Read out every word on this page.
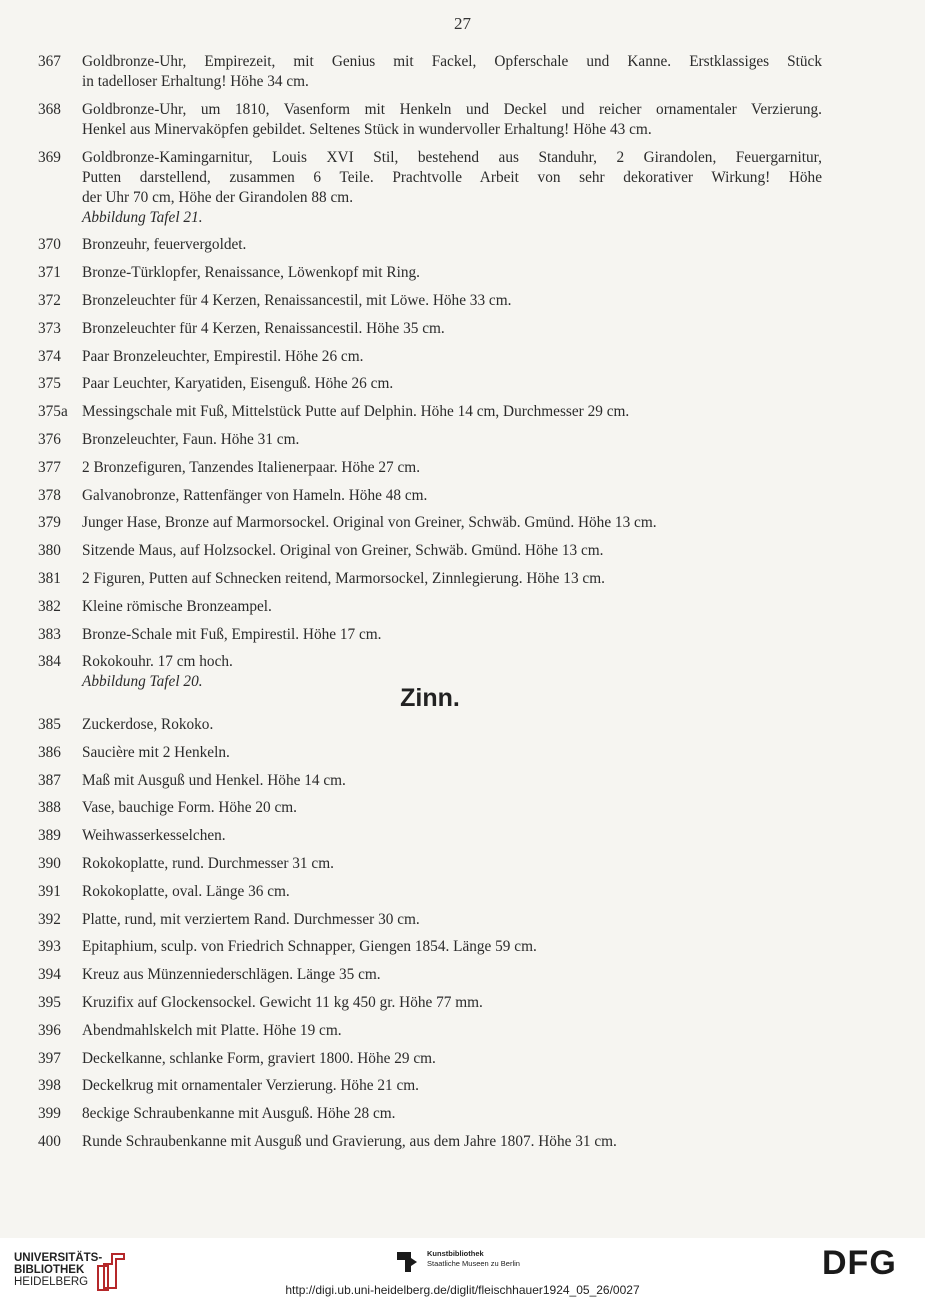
27
367 Goldbronze-Uhr, Empirezeit, mit Genius mit Fackel, Opferschale und Kanne. Erstklassiges Stück
in tadelloser Erhaltung! Höhe 34 cm.
368 Goldbronze-Uhr, um 1810, Vasenform mit Henkeln und Deckel und reicher ornamentaler Verzierung.
Henkel aus Minervaköpfen gebildet. Seltenes Stück in wundervoller Erhaltung! Höhe 43 cm.
369 Goldbronze-Kamingarnitur, Louis XVI Stil, bestehend aus Standuhr, 2 Girandolen, Feuergarnitur,
Putten darstellend, zusammen 6 Teile. Prachtvolle Arbeit von sehr dekorativer Wirkung! Höhe
der Uhr 70 cm, Höhe der Girandolen 88 cm.
Abbildung Tafel 21.
370 Bronzeuhr, feuervergoldet.
371 Bronze-Türklopfer, Renaissance, Löwenkopf mit Ring.
372 Bronzeleuchter für 4 Kerzen, Renaissancestil, mit Löwe. Höhe 33 cm.
373 Bronzeleuchter für 4 Kerzen, Renaissancestil. Höhe 35 cm.
374 Paar Bronzeleuchter, Empirestil. Höhe 26 cm.
375 Paar Leuchter, Karyatiden, Eisenguß. Höhe 26 cm.
375a Messingschale mit Fuß, Mittelstück Putte auf Delphin. Höhe 14 cm, Durchmesser 29 cm.
376 Bronzeleuchter, Faun. Höhe 31 cm.
377 2 Bronzefiguren, Tanzendes Italienerpaar. Höhe 27 cm.
378 Galvanobronze, Rattenfänger von Hameln. Höhe 48 cm.
379 Junger Hase, Bronze auf Marmorsockel. Original von Greiner, Schwäb. Gmünd. Höhe 13 cm.
380 Sitzende Maus, auf Holzsockel. Original von Greiner, Schwäb. Gmünd. Höhe 13 cm.
381 2 Figuren, Putten auf Schnecken reitend, Marmorsockel, Zinnlegierung. Höhe 13 cm.
382 Kleine römische Bronzeampel.
383 Bronze-Schale mit Fuß, Empirestil. Höhe 17 cm.
384 Rokokouhr. 17 cm hoch.
Abbildung Tafel 20.
Zinn.
385 Zuckerdose, Rokoko.
386 Saucière mit 2 Henkeln.
387 Maß mit Ausguß und Henkel. Höhe 14 cm.
388 Vase, bauchige Form. Höhe 20 cm.
389 Weihwasserkesselchen.
390 Rokokoplatte, rund. Durchmesser 31 cm.
391 Rokokoplatte, oval. Länge 36 cm.
392 Platte, rund, mit verziertem Rand. Durchmesser 30 cm.
393 Epitaphium, sculp. von Friedrich Schnapper, Giengen 1854. Länge 59 cm.
394 Kreuz aus Münzenniederschlägen. Länge 35 cm.
395 Kruzifix auf Glockensockel. Gewicht 11 kg 450 gr. Höhe 77 mm.
396 Abendmahlskelch mit Platte. Höhe 19 cm.
397 Deckelkanne, schlanke Form, graviert 1800. Höhe 29 cm.
398 Deckelkrug mit ornamentaler Verzierung. Höhe 21 cm.
399 8eckige Schraubenkanne mit Ausguß. Höhe 28 cm.
400 Runde Schraubenkanne mit Ausguß und Gravierung, aus dem Jahre 1807. Höhe 31 cm.
UNIVERSITÄTS-
BIBLIOTHEK
HEIDELBERG
Kunstbibliothek
Staatliche Museen zu Berlin	DFG
http://digi.ub.uni-heidelberg.de/diglit/fleischhauer1924_05_26/0027
